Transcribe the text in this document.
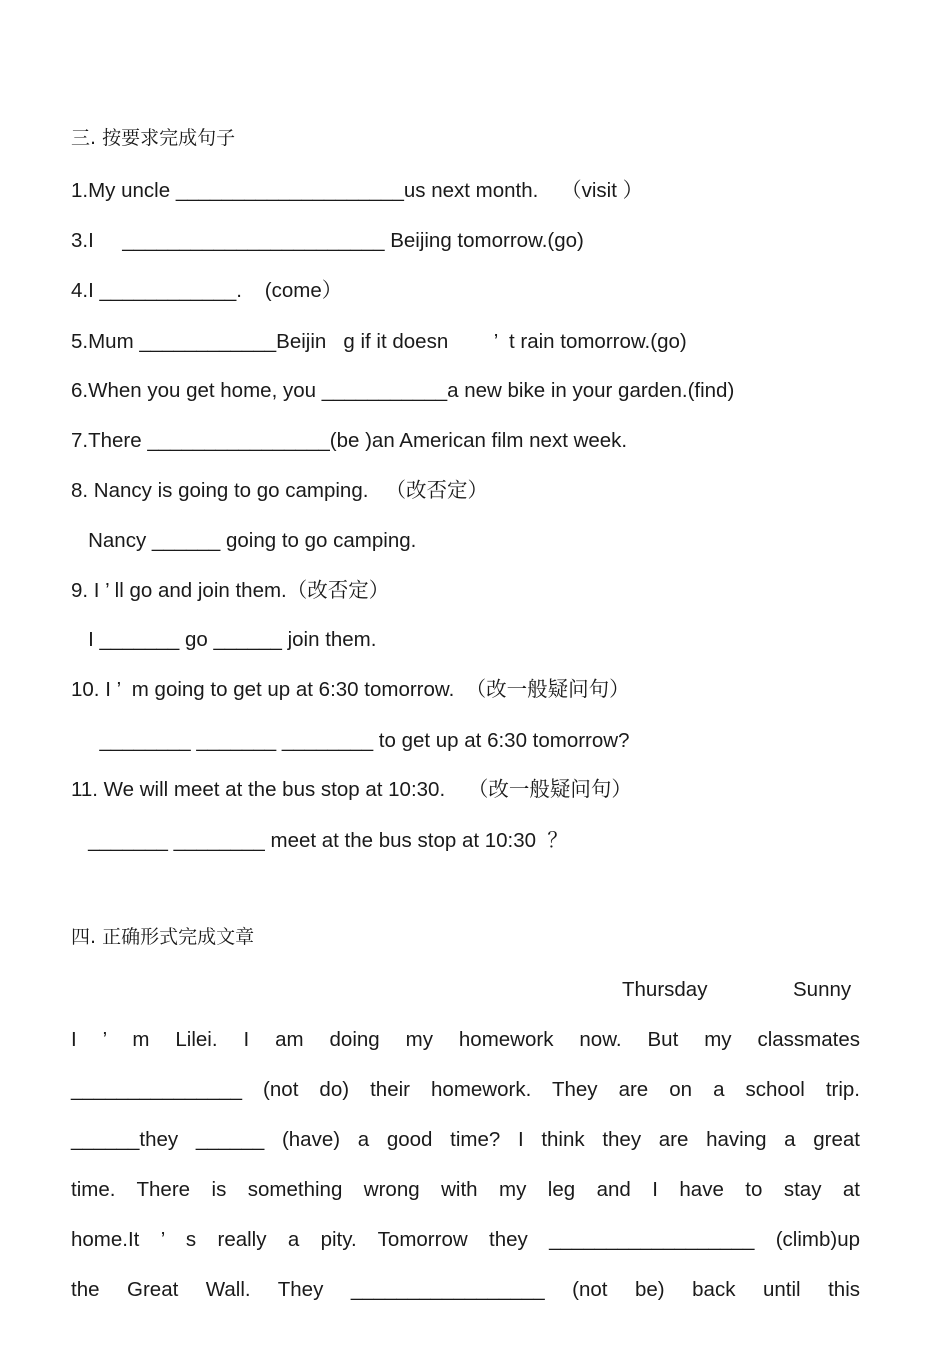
三. 按要求完成句子
1.My uncle ____________________us next month.    （visit ）
3.I     _______________________ Beijing tomorrow.(go)
4.I ____________.    (come）
5.Mum ____________Beijin   g if it doesn        ’  t rain tomorrow.(go)
6.When you get home, you ___________a new bike in your garden.(find)
7.There ________________(be )an American film next week.
8. Nancy is going to go camping.   （改否定）
Nancy ______ going to go camping.
9. I ’ ll go and join them.（改否定）
I _______ go ______ join them.
10. I ’  m going to get up at 6:30 tomorrow.  （改一般疑问句）
________ _______ ________ to get up at 6:30 tomorrow?
11. We will meet at the bus stop at 10:30.    （改一般疑问句）
_______ ________ meet at the bus stop at 10:30  ？
四. 正确形式完成文章
Thursday	Sunny
I ’ m Lilei. I am doing my homework now. But my classmates
_______________ (not do) their homework. They are on a school trip.
______they ______ (have) a good time? I think they are having a great
time. There is something wrong with my leg and I have to stay at
home.It ’ s really a pity. Tomorrow they __________________ (climb)up
the Great Wall. They _________________ (not be) back until this
